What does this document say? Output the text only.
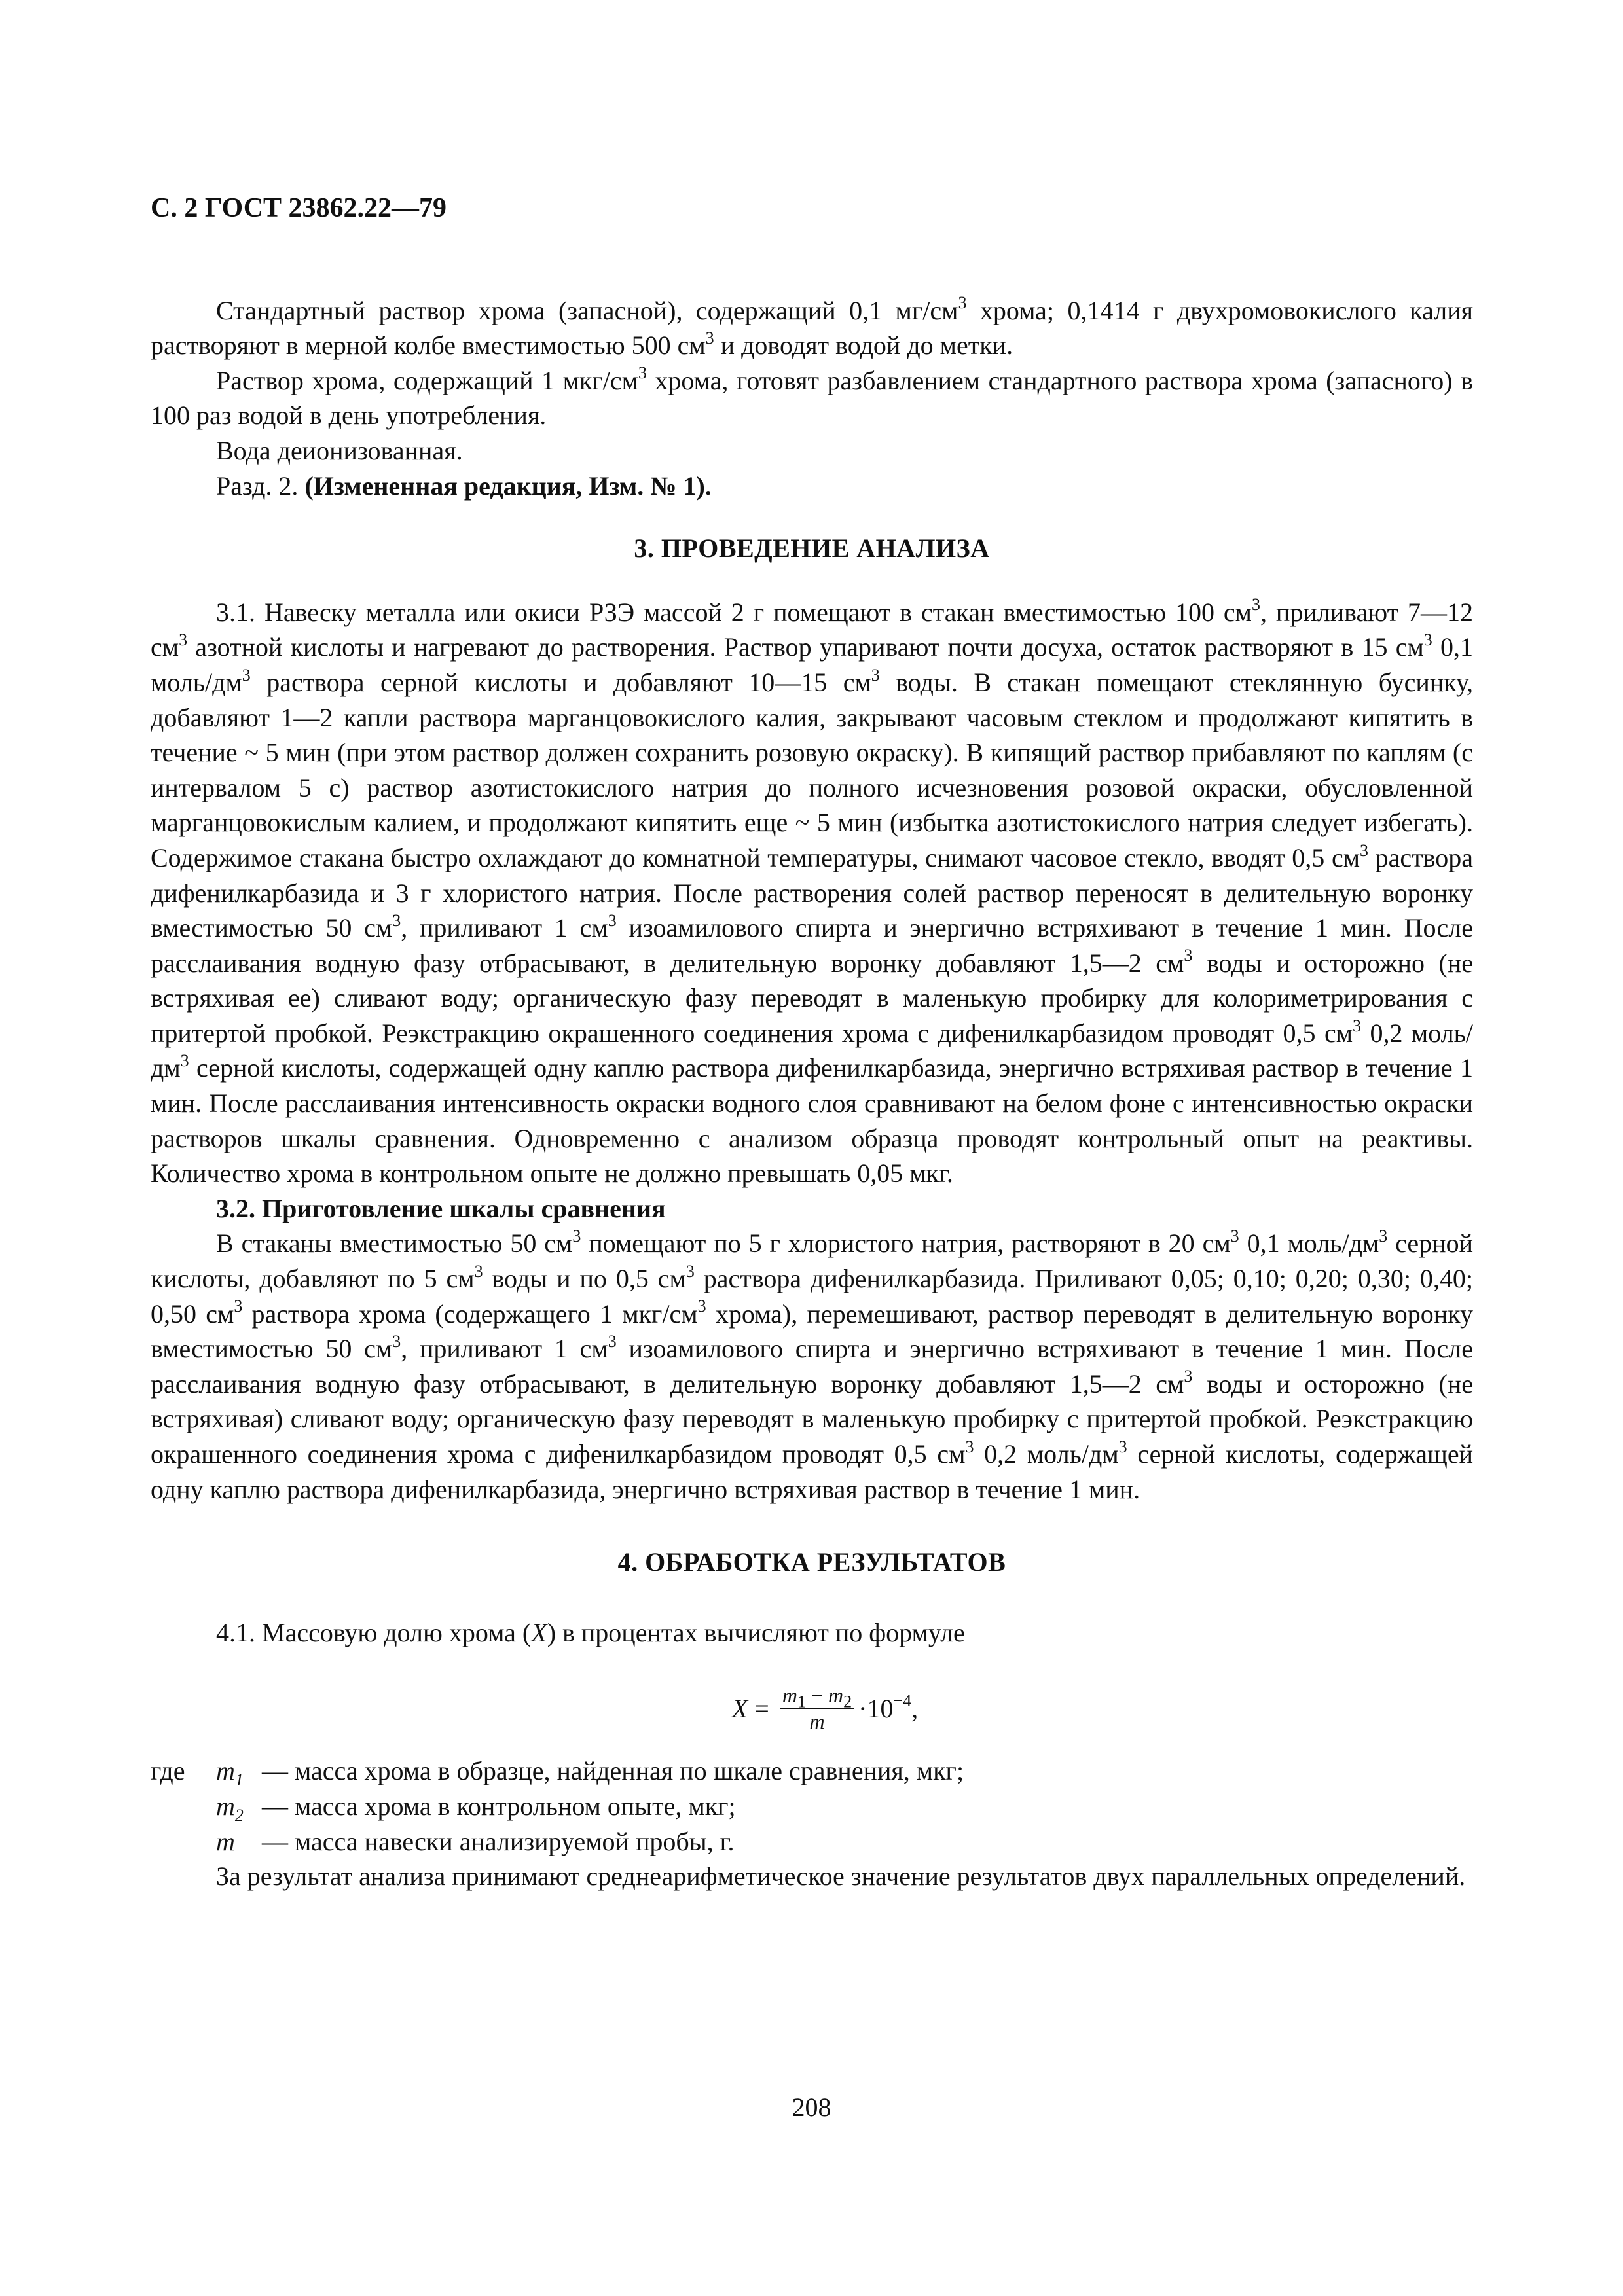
С. 2 ГОСТ 23862.22—79

Стандартный раствор хрома (запасной), содержащий 0,1 $мг/см^3$ хрома; 0,1414 г двухромовокислого калия растворяют в мерной колбе вместимостью 500 $см^3$ и доводят водой до метки.

Раствор хрома, содержащий 1 мкг/$см^3$ хрома, готовят разбавлением стандартного раствора хрома (запасного) в 100 раз водой в день употребления.

Вода деионизованная.

Разд. 2. (Измененная редакция, Изм. № 1).

3. ПРОВЕДЕНИЕ АНАЛИЗА

3.1. Навеску металла или окиси РЗЭ массой 2 г помещают в стакан вместимостью 100 $см^3$, приливают 7—12 $см^3$ азотной кислоты и нагревают до растворения. Раствор упаривают почти досуха, остаток растворяют в 15 $см^3$ 0,1 моль/$дм^3$ раствора серной кислоты и добавляют 10—15 $см^3$ воды. В стакан помещают стеклянную бусинку, добавляют 1—2 капли раствора марганцовокислого калия, закрывают часовым стеклом и продолжают кипятить в течение ~ 5 мин (при этом раствор должен сохранить розовую окраску). В кипящий раствор прибавляют по каплям (с интервалом 5 с) раствор азотистокислого натрия до полного исчезновения розовой окраски, обусловленной марганцовокислым калием, и продолжают кипятить еще ~ 5 мин (избытка азотистокислого натрия следует избегать). Содержимое стакана быстро охлаждают до комнатной температуры, снимают часовое стекло, вводят 0,5 $см^3$ раствора дифенилкарбазида и 3 г хлористого натрия. После растворения солей раствор переносят в делительную воронку вместимостью 50 $см^3$, приливают 1 $см^3$ изоамилового спирта и энергично встряхивают в течение 1 мин. После расслаивания водную фазу отбрасывают, в делительную воронку добавляют 1,5—2 $см^3$ воды и осторожно (не встряхивая ее) сливают воду; органическую фазу переводят в маленькую пробирку для колориметрирования с притертой пробкой. Реэкстракцию окрашенного соединения хрома с дифенилкарбазидом проводят 0,5 $см^3$ 0,2 моль/$дм^3$ серной кислоты, содержащей одну каплю раствора дифенилкарбазида, энергично встряхивая раствор в течение 1 мин. После расслаивания интенсивность окраски водного слоя сравнивают на белом фоне с интенсивностью окраски растворов шкалы сравнения. Одновременно с анализом образца проводят контрольный опыт на реактивы. Количество хрома в контрольном опыте не должно превышать 0,05 мкг.

3.2. Приготовление шкалы сравнения

В стаканы вместимостью 50 $см^3$ помещают по 5 г хлористого натрия, растворяют в 20 $см^3$ 0,1 моль/$дм^3$ серной кислоты, добавляют по 5 $см^3$ воды и по 0,5 $см^3$ раствора дифенилкарбазида. Приливают 0,05; 0,10; 0,20; 0,30; 0,40; 0,50 $см^3$ раствора хрома (содержащего 1 мкг/$см^3$ хрома), перемешивают, раствор переводят в делительную воронку вместимостью 50 $см^3$, приливают 1 $см^3$ изоамилового спирта и энергично встряхивают в течение 1 мин. После расслаивания водную фазу отбрасывают, в делительную воронку добавляют 1,5—2 $см^3$ воды и осторожно (не встряхивая) сливают воду; органическую фазу переводят в маленькую пробирку с притертой пробкой. Реэкстракцию окрашенного соединения хрома с дифенилкарбазидом проводят 0,5 $см^3$ 0,2 моль/$дм^3$ серной кислоты, содержащей одну каплю раствора дифенилкарбазида, энергично встряхивая раствор в течение 1 мин.

4. ОБРАБОТКА РЕЗУЛЬТАТОВ

4.1. Массовую долю хрома (X) в процентах вычисляют по формуле

$X = \frac{m_1 - m_2}{m} \cdot 10^{-4}$,
где	$m_1$ — масса хрома в образце, найденная по шкале сравнения, мкг;
$m_2$ — масса хрома в контрольном опыте, мкг;
m	— масса навески анализируемой пробы, г.

За результат анализа принимают среднеарифметическое значение результатов двух параллельных определений.

208
